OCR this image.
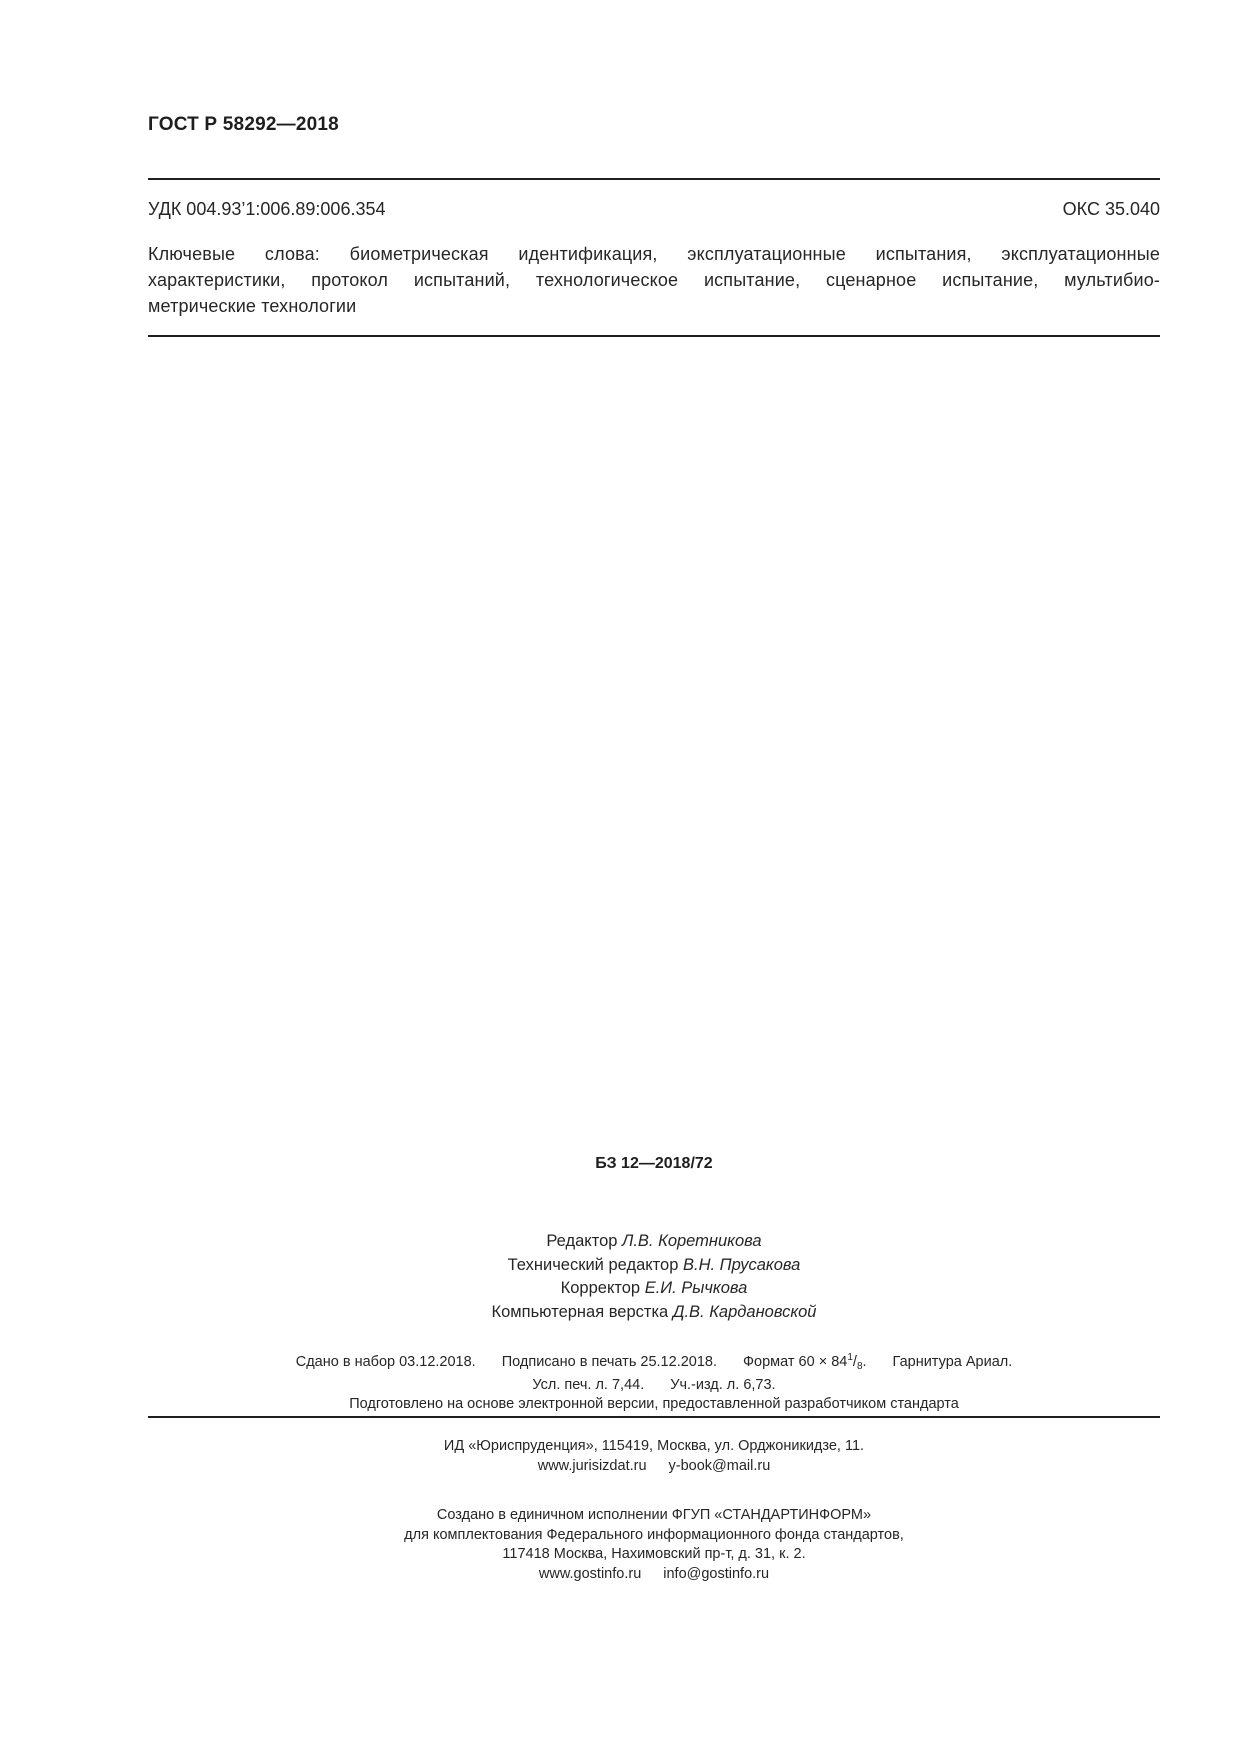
ГОСТ Р 58292—2018
УДК 004.93’1:006.89:006.354	ОКС 35.040
Ключевые слова: биометрическая идентификация, эксплуатационные испытания, эксплуатационные
характеристики, протокол испытаний, технологическое испытание, сценарное испытание, мультибио-
метрические технологии
БЗ 12—2018/72
Редактор Л.В. Коретникова
Технический редактор В.Н. Прусакова
Корректор Е.И. Рычкова
Компьютерная верстка Д.В. Кардановской
Сдано в набор 03.12.2018. Подписано в печать 25.12.2018. Формат $60 \times 84^1/_8$. Гарнитура Ариал.
Усл. печ. л. 7,44. Уч.-изд. л. 6,73.
Подготовлено на основе электронной версии, предоставленной разработчиком стандарта
ИД «Юриспруденция», 115419, Москва, ул. Орджоникидзе, 11.
www.jurisizdat.ru y-book@mail.ru
Создано в единичном исполнении ФГУП «СТАНДАРТИНФОРМ»
для комплектования Федерального информационного фонда стандартов,
117418 Москва, Нахимовский пр-т, д. 31, к. 2.
www.gostinfo.ru info@gostinfo.ru
